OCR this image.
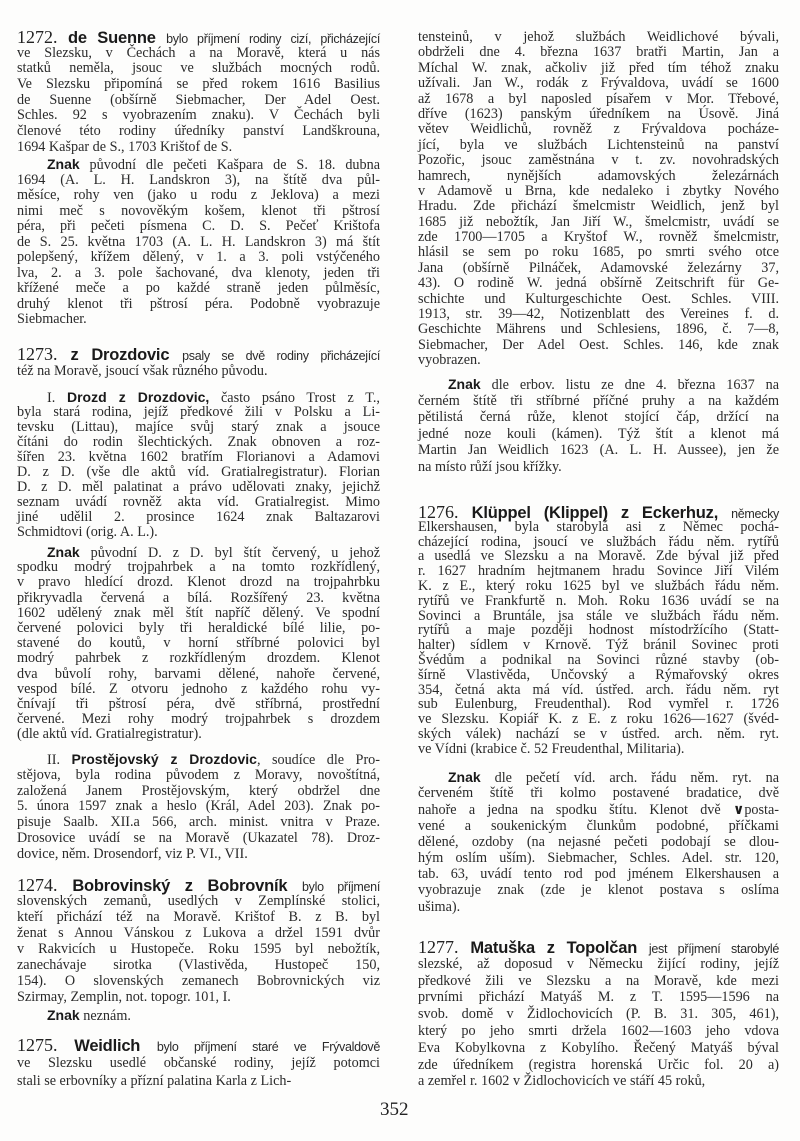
1272. de Suenne bylo příjmení rodiny cizí, přicházející
ve Slezsku, v Čechách a na Moravě, která u nás
statků neměla, jsouc ve službách mocných rodů.
Ve Slezsku připomíná se před rokem 1616 Basilius
de Suenne (obšírně Siebmacher, Der Adel Oest.
Schles. 92 s vyobrazením znaku). V Čechách byli
členové této rodiny úředníky panství Landškrouna,
1694 Kašpar de S., 1703 Krištof de S.
Znak původní dle pečeti Kašpara de S. 18. dubna
1694 (A. L. H. Landskron 3), na štítě dva půl-
měsíce, rohy ven (jako u rodu z Jeklova) a mezi
nimi meč s novověkým košem, klenot tři pštrosí
péra, při pečeti písmena C. D. S. Pečeť Krištofa
de S. 25. května 1703 (A. L. H. Landskron 3) má štít
polepšený, křížem dělený, v 1. a 3. poli vstýčeného
lva, 2. a 3. pole šachované, dva klenoty, jeden tři
křížené meče a po každé straně jeden půlměsíc,
druhý klenot tři pštrosí péra. Podobně vyobrazuje
Siebmacher.
1273. z Drozdovic psaly se dvě rodiny přicházející
též na Moravě, jsoucí však různého původu.
I. Drozd z Drozdovic, často psáno Trost z T.,
byla stará rodina, jejíž předkové žili v Polsku a Li-
tevsku (Littau), majíce svůj starý znak a jsouce
čítáni do rodin šlechtických. Znak obnoven a roz-
šířen 23. května 1602 bratřím Florianovi a Adamovi
D. z D. (vše dle aktů víd. Gratialregistratur). Florian
D. z D. měl palatinat a právo udělovati znaky, jejichž
seznam uvádí rovněž akta víd. Gratialregist. Mimo
jiné udělil 2. prosince 1624 znak Baltazarovi
Schmidtovi (orig. A. L.).
Znak původní D. z D. byl štít červený, u jehož
spodku modrý trojpahrbek a na tomto rozkřídlený,
v pravo hledící drozd. Klenot drozd na trojpahrbku
přikryvadla červená a bílá. Rozšířený 23. května
1602 udělený znak měl štít napříč dělený. Ve spodní
červené polovici byly tři heraldické bílé lilie, po-
stavené do koutů, v horní stříbrné polovici byl
modrý pahrbek z rozkřídleným drozdem. Klenot
dva bůvolí rohy, barvami dělené, nahoře červené,
vespod bílé. Z otvoru jednoho z každého rohu vy-
čnívají tři pštrosí péra, dvě stříbrná, prostřední
červené. Mezi rohy modrý trojpahrbek s drozdem
(dle aktů víd. Gratialregistratur).
II. Prostějovský z Drozdovic, soudíce dle Pro-
stějova, byla rodina původem z Moravy, novoštítná,
založená Janem Prostějovským, který obdržel dne
5. února 1597 znak a heslo (Král, Adel 203). Znak po-
pisuje Saalb. XII.a 566, arch. minist. vnitra v Praze.
Drosovice uvádí se na Moravě (Ukazatel 78). Droz-
dovice, něm. Drosendorf, viz P. VI., VII.
1274. Bobrovinský z Bobrovník bylo příjmení
slovenských zemanů, usedlých v Zemplínské stolici,
kteří přichází též na Moravě. Krištof B. z B. byl
ženat s Annou Vánskou z Lukova a držel 1591 dvůr
v Rakvicích u Hustopeče. Roku 1595 byl nebožtík,
zanechávaje sirotka (Vlastivěda, Hustopeč 150,
154). O slovenských zemanech Bobrovnických viz
Szirmay, Zemplin, not. topogr. 101, I.
Znak neznám.
1275. Weidlich bylo příjmení staré ve Frývaldově
ve Slezsku usedlé občanské rodiny, jejíž potomci
stali se erbovníky a přízní palatina Karla z Lich-
tensteinů, v jehož službách Weidlichové bývali,
obdrželi dne 4. března 1637 bratři Martin, Jan a
Míchal W. znak, ačkoliv již před tím téhož znaku
užívali. Jan W., rodák z Frývaldova, uvádí se 1600
až 1678 a byl naposled písařem v Mor. Třebové,
dříve (1623) panským úředníkem na Úsově. Jiná
větev Weidlichů, rovněž z Frývaldova pocháze-
jící, byla ve službách Lichtensteinů na panství
Pozořic, jsouc zaměstnána v t. zv. novohradských
hamrech, nynějších adamovských železárnách
v Adamově u Brna, kde nedaleko i zbytky Nového
Hradu. Zde přichází šmelcmistr Weidlich, jenž byl
1685 již nebožtík, Jan Jiří W., šmelcmistr, uvádí se
zde 1700—1705 a Kryštof W., rovněž šmelcmistr,
hlásil se sem po roku 1685, po smrti svého otce
Jana (obšírně Pilnáček, Adamovské železárny 37,
43). O rodině W. jedná obšírně Zeitschrift für Ge-
schichte und Kulturgeschichte Oest. Schles. VIII.
1913, str. 39—42, Notizenblatt des Vereines f. d.
Geschichte Mährens und Schlesiens, 1896, č. 7—8,
Siebmacher, Der Adel Oest. Schles. 146, kde znak
vyobrazen.
Znak dle erbov. listu ze dne 4. března 1637 na
černém štítě tři stříbrné příčné pruhy a na každém
pětilistá černá růže, klenot stojící čáp, držící na
jedné noze kouli (kámen). Týž štít a klenot má
Martin Jan Weidlich 1623 (A. L. H. Aussee), jen že
na místo růží jsou křížky.
1276. Klüppel (Klippel) z Eckerhuz, německy
Elkershausen, byla starobylá asi z Němec pochá-
cházející rodina, jsoucí ve službách řádu něm. rytířů
a usedlá ve Slezsku a na Moravě. Zde býval již před
r. 1627 hradním hejtmanem hradu Sovince Jiří Vilém
K. z E., který roku 1625 byl ve službách řádu něm.
rytířů ve Frankfurtě n. Moh. Roku 1636 uvádí se na
Sovinci a Bruntále, jsa stále ve službách řádu něm.
rytířů a maje později hodnost místodržícího (Statt-
halter) sídlem v Krnově. Týž bránil Sovinec proti
Švédům a podnikal na Sovinci různé stavby (ob-
šírně Vlastivěda, Unčovský a Rýmařovský okres
354, četná akta má víd. ústřed. arch. řádu něm. ryt
sub Eulenburg, Freudenthal). Rod vymřel r. 1726
ve Slezsku. Kopiář K. z E. z roku 1626—1627 (švéd-
ských válek) nachází se v ústřed. arch. něm. ryt.
ve Vídni (krabice č. 52 Freudenthal, Militaria).
Znak dle pečetí víd. arch. řádu něm. ryt. na
červeném štítě tři kolmo postavené bradatice, dvě
nahoře a jedna na spodku štítu. Klenot dvě ∨posta-
vené a soukenickým člunkům podobné, příčkami
dělené, ozdoby (na nejasné pečeti podobají se dlou-
hým oslím uším). Siebmacher, Schles. Adel. str. 120,
tab. 63, uvádí tento rod pod jménem Elkershausen a
vyobrazuje znak (zde je klenot postava s oslíma
ušima).
1277. Matuška z Topolčan jest příjmení starobylé
slezské, až doposud v Německu žijící rodiny, jejíž
předkové žili ve Slezsku a na Moravě, kde mezi
prvními přichází Matyáš M. z T. 1595—1596 na
svob. domě v Židlochovicích (P. B. 31. 305, 461),
který po jeho smrti držela 1602—1603 jeho vdova
Eva Kobylkovna z Kobylího. Řečený Matyáš býval
zde úředníkem (registra horenská Určic fol. 20 a)
a zemřel r. 1602 v Židlochovicích ve stáří 45 roků,
352
